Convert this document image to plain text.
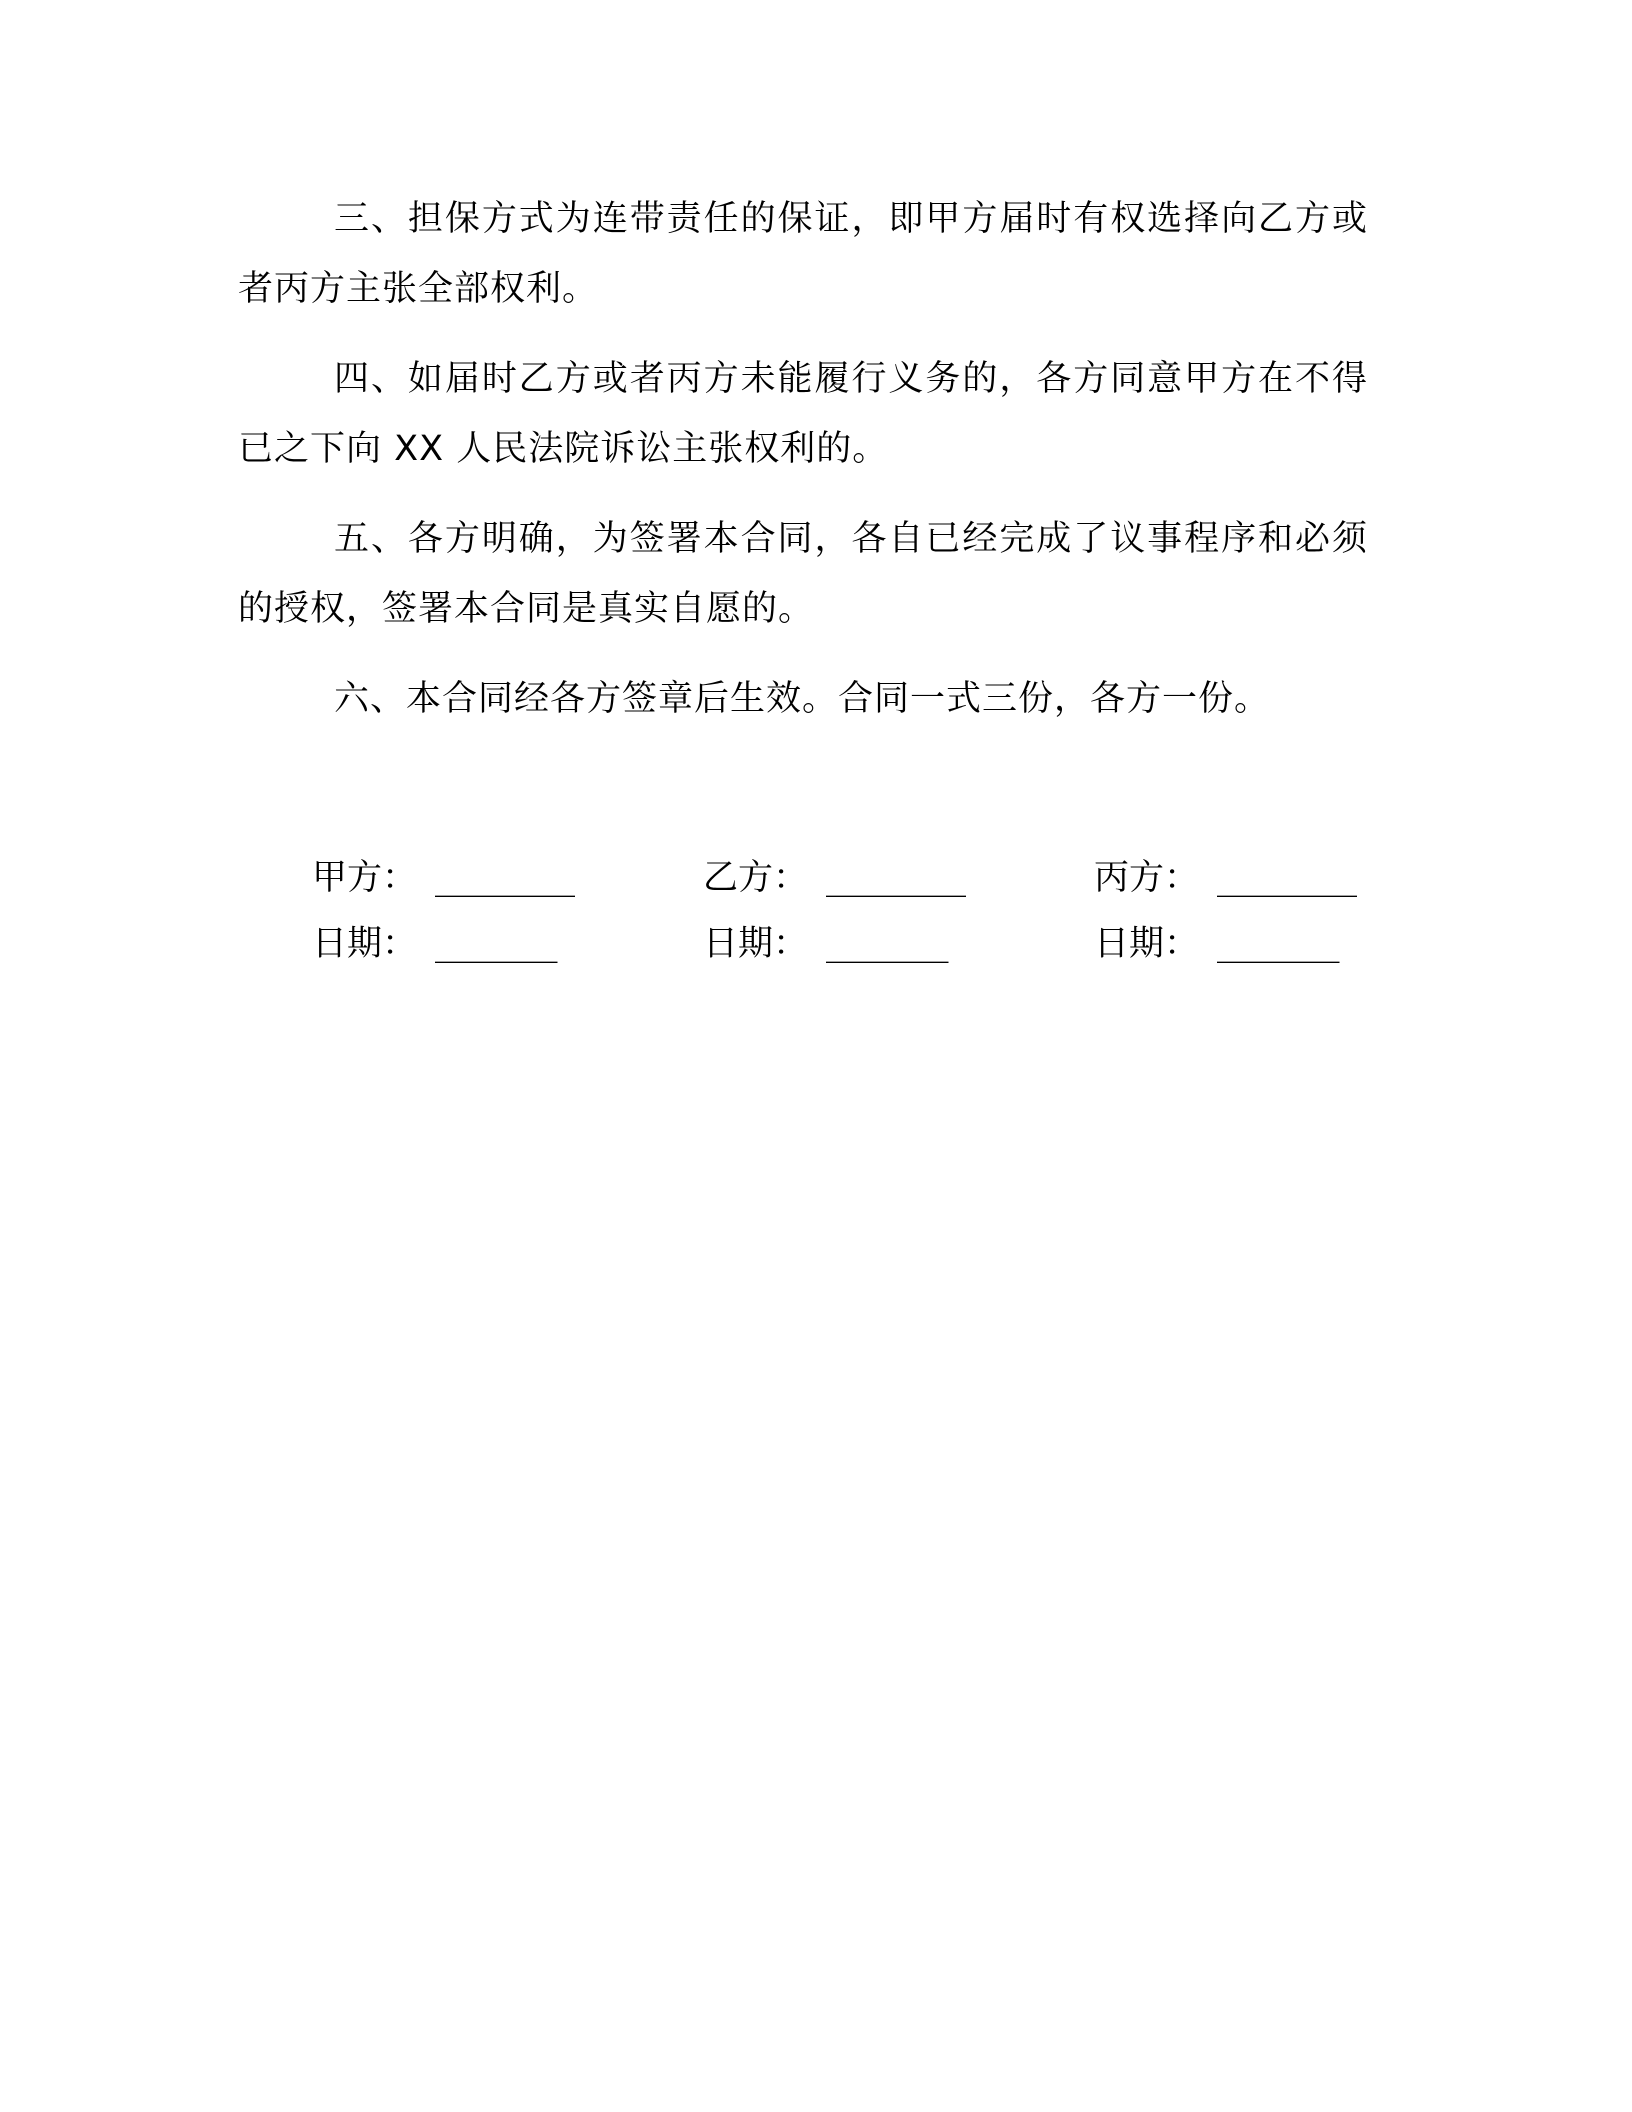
三、担保方式为连带责任的保证，即甲方届时有权选择向乙方或者丙方主张全部权利。

四、如届时乙方或者丙方未能履行义务的，各方同意甲方在不得已之下向 XX 人民法院诉讼主张权利的。

五、各方明确，为签署本合同，各自已经完成了议事程序和必须的授权，签署本合同是真实自愿的。

六、本合同经各方签章后生效。合同一式三份，各方一份。

甲方： ________	乙方： ________	丙方： ________
日期： _______	日期： _______	日期： _______
